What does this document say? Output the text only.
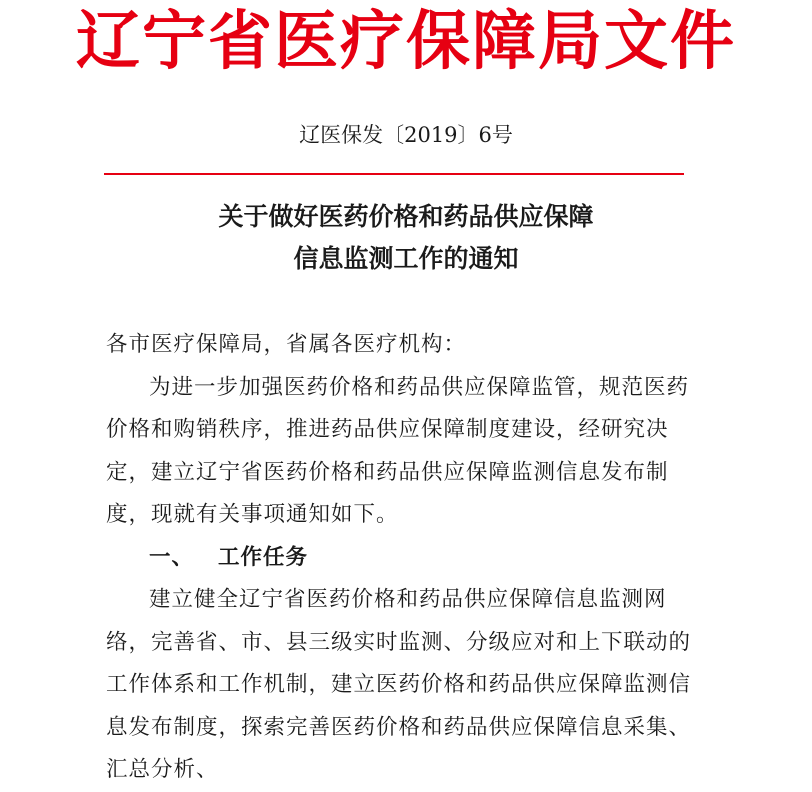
辽宁省医疗保障局文件
辽医保发〔2019〕6号
关于做好医药价格和药品供应保障
信息监测工作的通知

各市医疗保障局，省属各医疗机构：

为进一步加强医药价格和药品供应保障监管，规范医药价格和购销秩序，推进药品供应保障制度建设，经研究决定，建立辽宁省医药价格和药品供应保障监测信息发布制度，现就有关事项通知如下。

一、 工作任务

建立健全辽宁省医药价格和药品供应保障信息监测网络，完善省、市、县三级实时监测、分级应对和上下联动的工作体系和工作机制，建立医药价格和药品供应保障监测信息发布制度，探索完善医药价格和药品供应保障信息采集、汇总分析、
